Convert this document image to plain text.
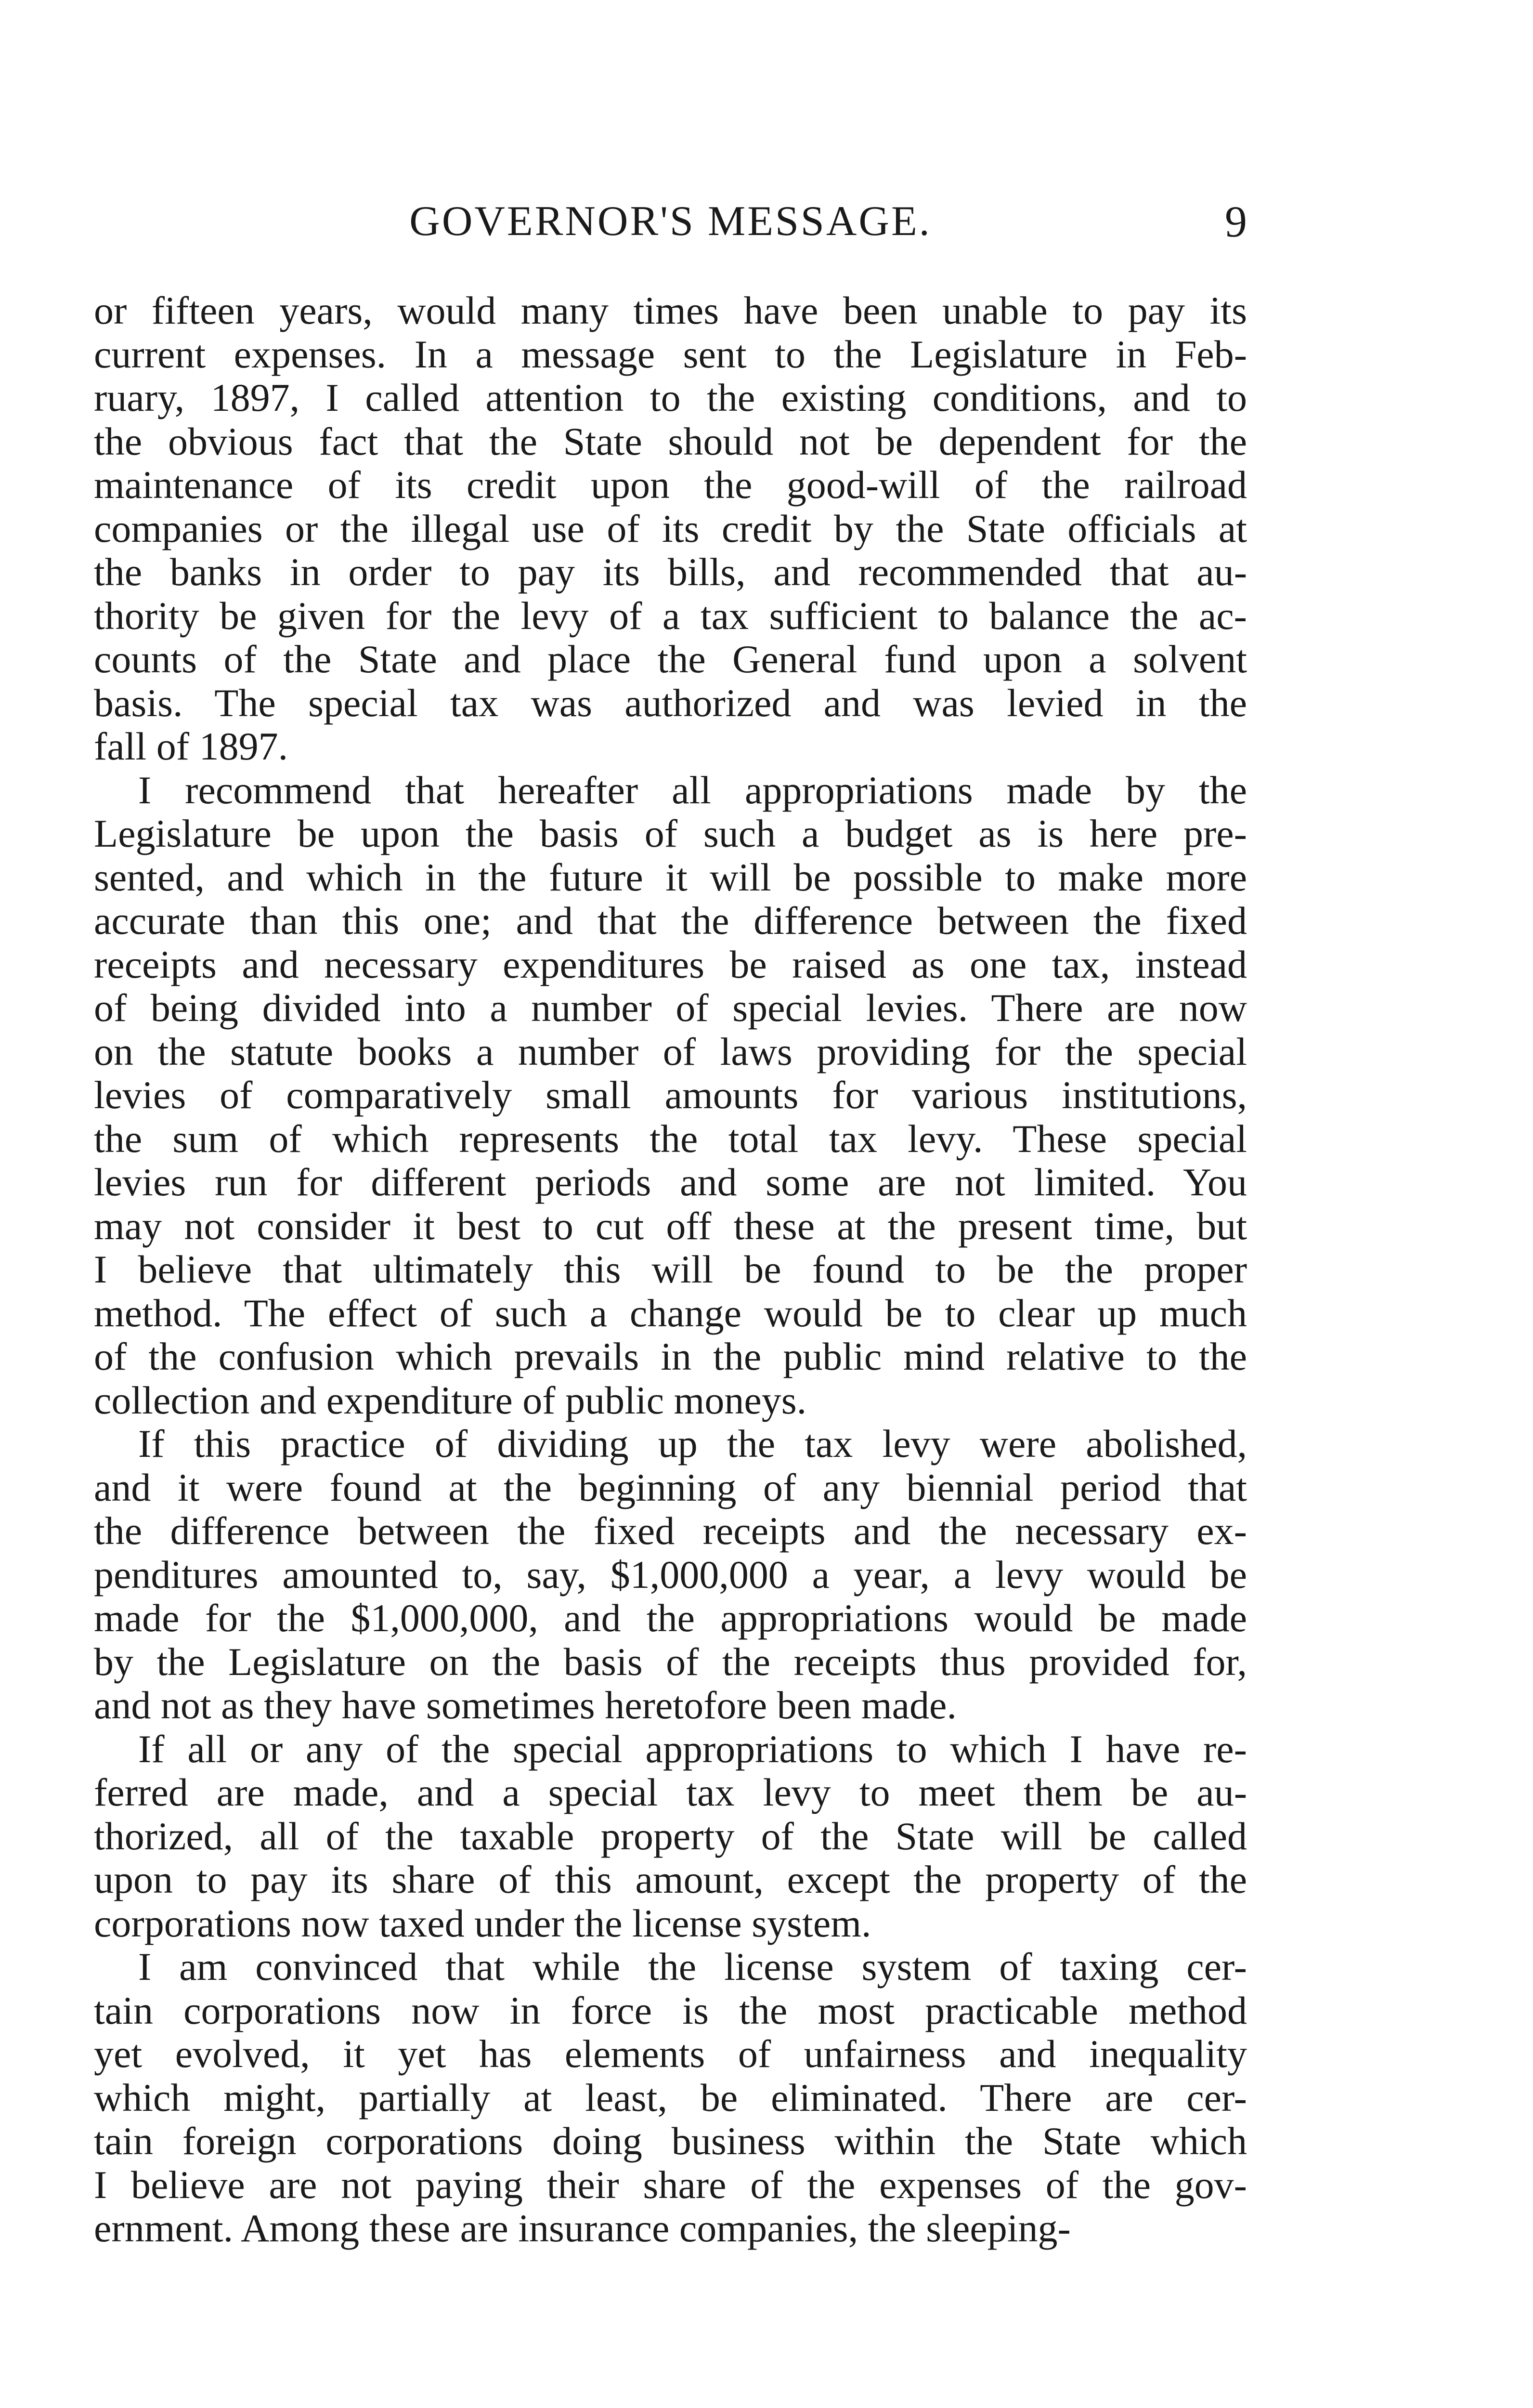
GOVERNOR'S MESSAGE.	9
or fifteen years, would many times have been unable to pay its
current expenses. In a message sent to the Legislature in Feb-
ruary, 1897, I called attention to the existing conditions, and to
the obvious fact that the State should not be dependent for the
maintenance of its credit upon the good-will of the railroad
companies or the illegal use of its credit by the State officials at
the banks in order to pay its bills, and recommended that au-
thority be given for the levy of a tax sufficient to balance the ac-
counts of the State and place the General fund upon a solvent
basis. The special tax was authorized and was levied in the
fall of 1897.
I recommend that hereafter all appropriations made by the
Legislature be upon the basis of such a budget as is here pre-
sented, and which in the future it will be possible to make more
accurate than this one; and that the difference between the fixed
receipts and necessary expenditures be raised as one tax, instead
of being divided into a number of special levies. There are now
on the statute books a number of laws providing for the special
levies of comparatively small amounts for various institutions,
the sum of which represents the total tax levy. These special
levies run for different periods and some are not limited. You
may not consider it best to cut off these at the present time, but
I believe that ultimately this will be found to be the proper
method. The effect of such a change would be to clear up much
of the confusion which prevails in the public mind relative to the
collection and expenditure of public moneys.
If this practice of dividing up the tax levy were abolished,
and it were found at the beginning of any biennial period that
the difference between the fixed receipts and the necessary ex-
penditures amounted to, say, $1,000,000 a year, a levy would be
made for the $1,000,000, and the appropriations would be made
by the Legislature on the basis of the receipts thus provided for,
and not as they have sometimes heretofore been made.
If all or any of the special appropriations to which I have re-
ferred are made, and a special tax levy to meet them be au-
thorized, all of the taxable property of the State will be called
upon to pay its share of this amount, except the property of the
corporations now taxed under the license system.
I am convinced that while the license system of taxing cer-
tain corporations now in force is the most practicable method
yet evolved, it yet has elements of unfairness and inequality
which might, partially at least, be eliminated. There are cer-
tain foreign corporations doing business within the State which
I believe are not paying their share of the expenses of the gov-
ernment. Among these are insurance companies, the sleeping-
